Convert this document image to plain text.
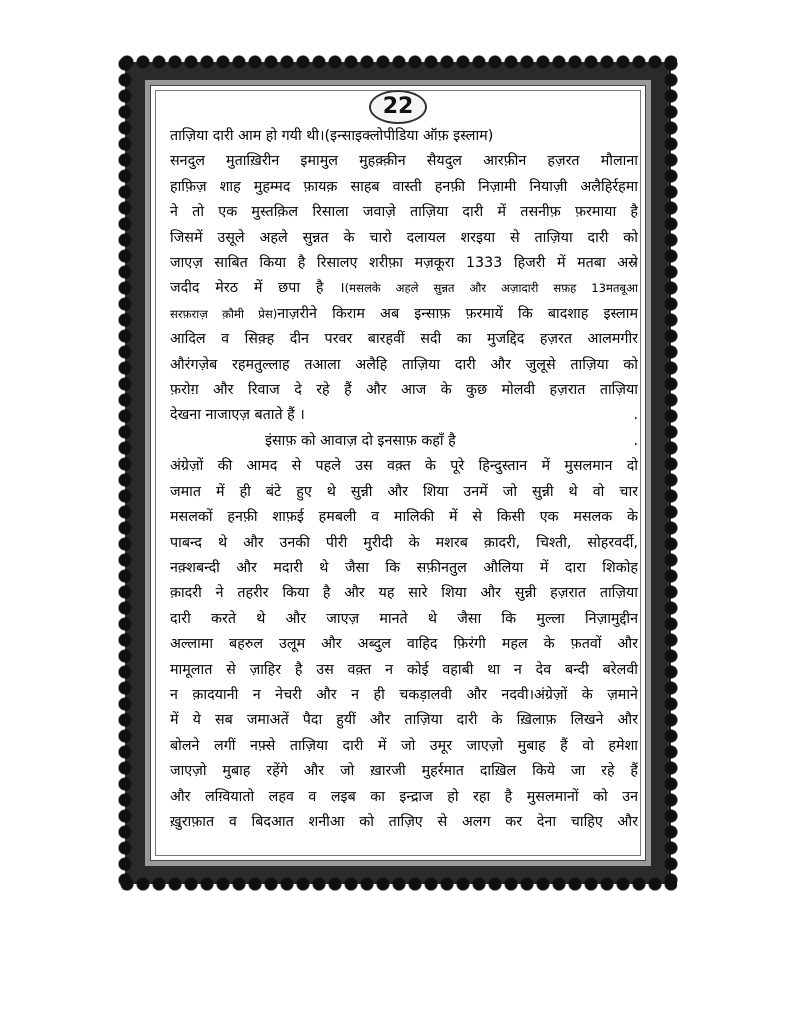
22
ताज़िया दारी आम हो गयी थी।(इन्साइक्लोपीडिया ऑफ़ इस्लाम)
सनदुल मुताख़िरीन इमामुल मुहक़्क़ीन सैयदुल आरफ़ीन हज़रत मौलाना
हाफ़िज़ शाह मुहम्मद फ़ायक़ साहब वास्ती हनफ़ी निज़ामी नियाज़ी अलैहिर्रहमा
ने तो एक मुस्तक़िल रिसाला जवाज़े ताज़िया दारी में तसनीफ़ फ़रमाया है
जिसमें उसूले अहले सुन्नत के चारो दलायल शरइया से ताज़िया दारी को
जाएज़ साबित किया है रिसालए शरीफ़ा मज़कूरा 1333 हिजरी में मतबा अस्रे
जदीद मेरठ में छपा है ।(मसलके अहले सुन्नत और अज़ादारी सफ़ह 13मतबूआ
सरफ़राज़ क़ौमी प्रेस)नाज़रीने किराम अब इन्साफ़ फ़रमायें कि बादशाह इस्लाम
आदिल व सिक़्ह दीन परवर बारहवीं सदी का मुजद्दिद हज़रत आलमगीर
औरंगज़ेब रहमतुल्लाह तआला अलैहि ताज़िया दारी और जुलूसे ताज़िया को
फ़रोग़ और रिवाज दे रहे हैं और आज के कुछ मोलवी हज़रात ताज़िया
देखना नाजाएज़ बताते हैं ।	.
इंसाफ़ को आवाज़ दो इनसाफ़ कहाँ है	.
अंग्रेज़ों की आमद से पहले उस वक़्त के पूरे हिन्दुस्तान में मुसलमान दो
जमात में ही बंटे हुए थे सुन्नी और शिया उनमें जो सुन्नी थे वो चार
मसलकों हनफ़ी शाफ़ई हमबली व मालिकी में से किसी एक मसलक के
पाबन्द थे और उनकी पीरी मुरीदी के मशरब क़ादरी, चिश्ती, सोहरवर्दी,
नक़्शबन्दी और मदारी थे जैसा कि सफ़ीनतुल औलिया में दारा शिकोह
क़ादरी ने तहरीर किया है और यह सारे शिया और सुन्नी हज़रात ताज़िया
दारी करते थे और जाएज़ मानते थे जैसा कि मुल्ला निज़ामुद्दीन
अल्लामा बहरुल उलूम और अब्दुल वाहिद फ़िरंगी महल के फ़तवों और
मामूलात से ज़ाहिर है उस वक़्त न कोई वहाबी था न देव बन्दी बरेलवी
न क़ादयानी न नेचरी और न ही चकड़ालवी और नदवी।अंग्रेज़ों के ज़माने
में ये सब जमाअतें पैदा हुयीं और ताज़िया दारी के ख़िलाफ़ लिखने और
बोलने लगीं नफ़्से ताज़िया दारी में जो उमूर जाएज़ो मुबाह हैं वो हमेशा
जाएज़ो मुबाह रहेंगे और जो ख़ारजी मुहर्रमात दाख़िल किये जा रहे हैं
और लग़्वियातो लहव व लइब का इन्द्राज हो रहा है मुसलमानों को उन
ख़ुराफ़ात व बिदआत शनीआ को ताज़िए से अलग कर देना चाहिए और
